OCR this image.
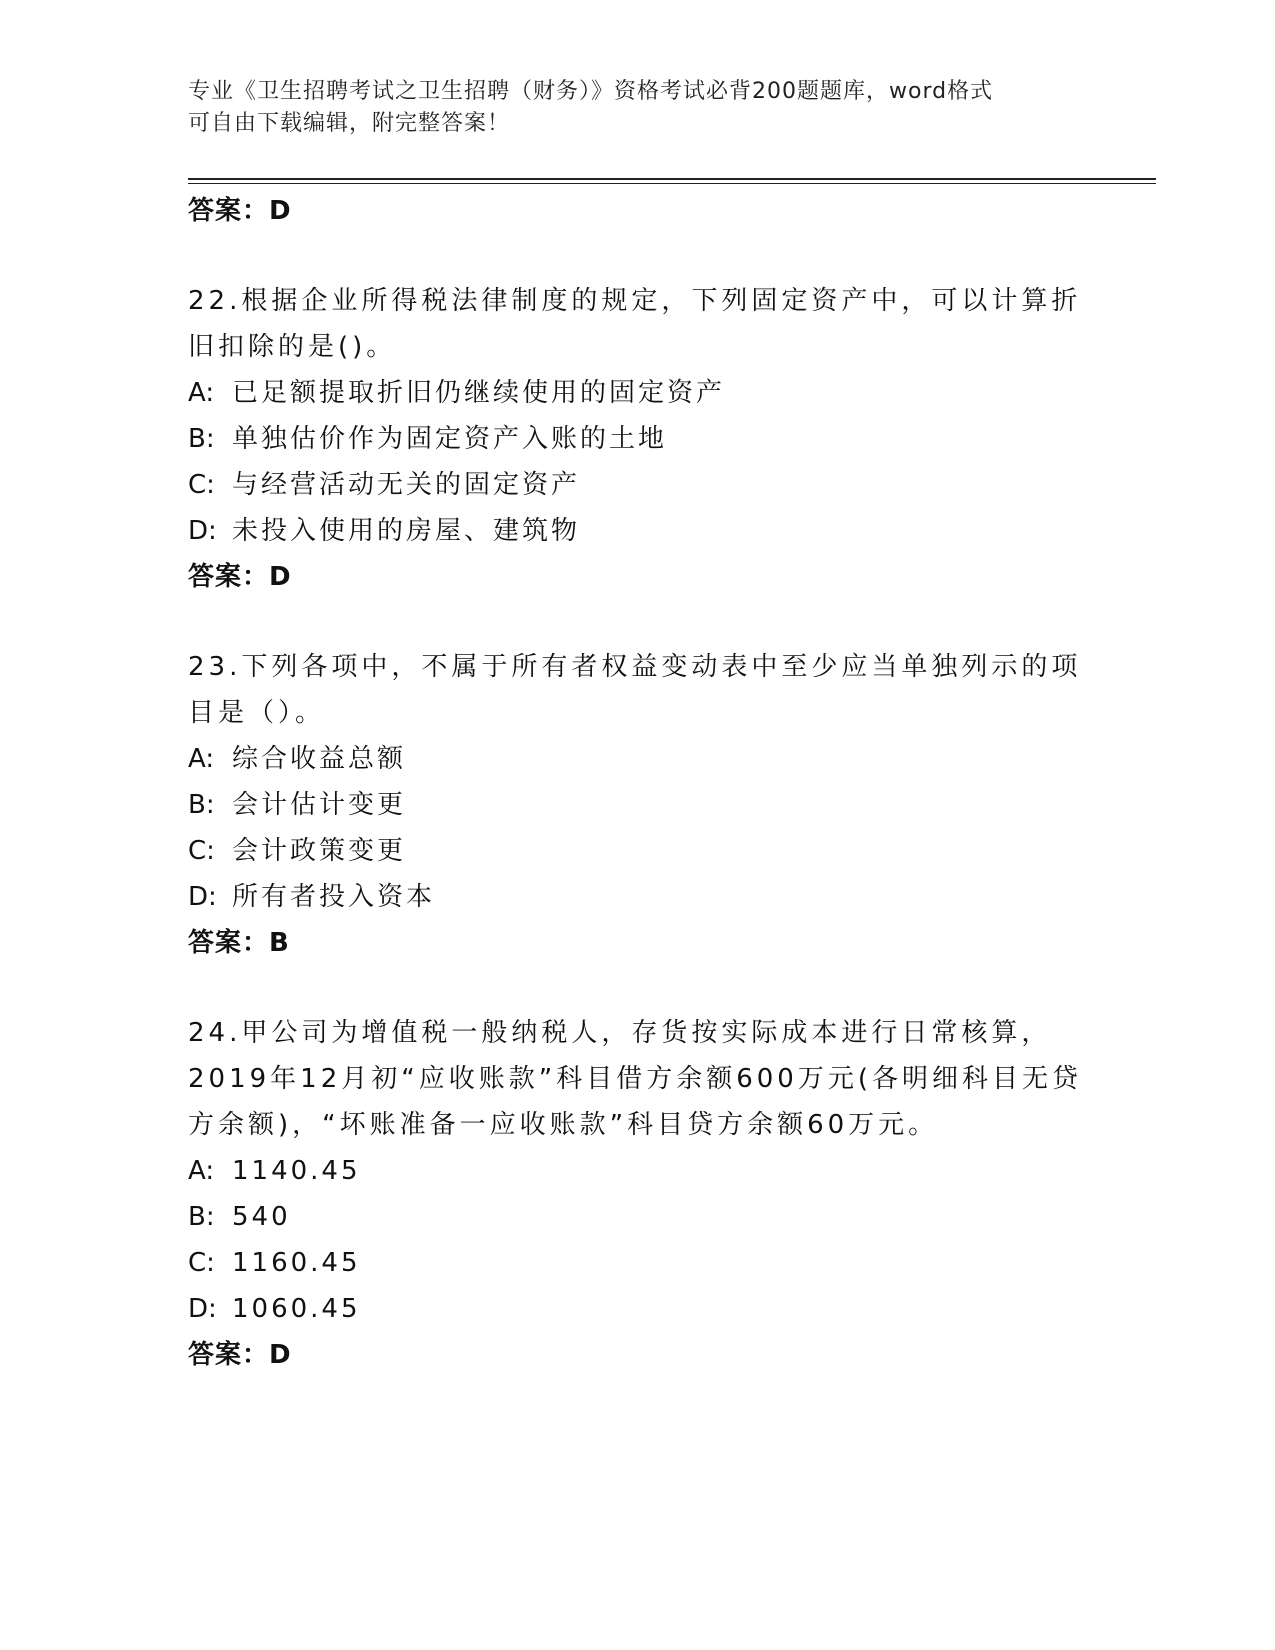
专业《卫生招聘考试之卫生招聘（财务）》资格考试必背200题题库，word格式
可自由下载编辑，附完整答案！
答案：D
22.根据企业所得税法律制度的规定，下列固定资产中，可以计算折旧扣除的是()。
A: 已足额提取折旧仍继续使用的固定资产
B: 单独估价作为固定资产入账的土地
C: 与经营活动无关的固定资产
D: 未投入使用的房屋、建筑物
答案：D
23.下列各项中，不属于所有者权益变动表中至少应当单独列示的项目是（）。
A: 综合收益总额
B: 会计估计变更
C: 会计政策变更
D: 所有者投入资本
答案：B
24.甲公司为增值税一般纳税人，存货按实际成本进行日常核算，2019年12月初“应收账款”科目借方余额600万元(各明细科目无贷方余额)，“坏账准备一应收账款”科目贷方余额60万元。
A: 1140.45
B: 540
C: 1160.45
D: 1060.45
答案：D
